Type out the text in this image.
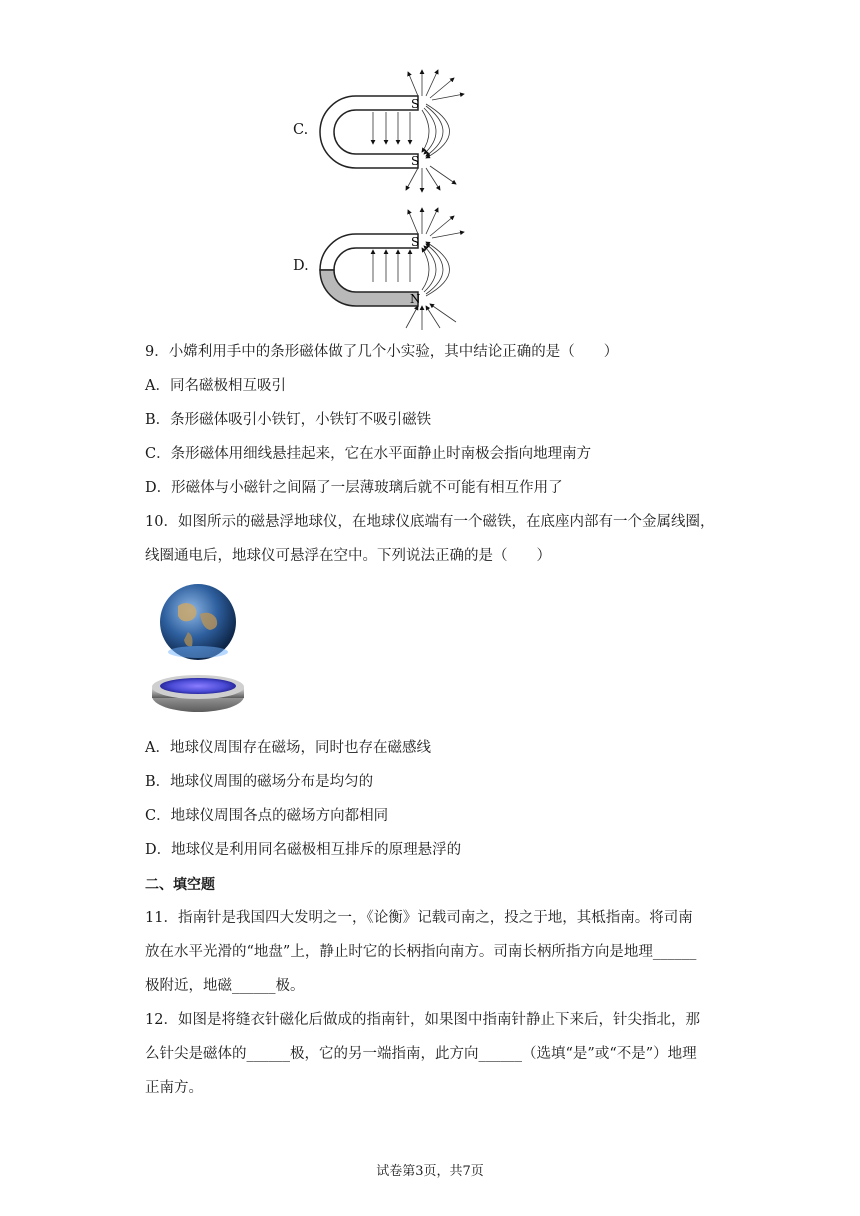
C.
S
S
D.
S
N
9．小嫦利用手中的条形磁体做了几个小实验，其中结论正确的是（　　）
A．同名磁极相互吸引
B．条形磁体吸引小铁钉，小铁钉不吸引磁铁
C．条形磁体用细线悬挂起来，它在水平面静止时南极会指向地理南方
D．形磁体与小磁针之间隔了一层薄玻璃后就不可能有相互作用了
10．如图所示的磁悬浮地球仪，在地球仪底端有一个磁铁，在底座内部有一个金属线圈，
线圈通电后，地球仪可悬浮在空中。下列说法正确的是（　　）
A．地球仪周围存在磁场，同时也存在磁感线
B．地球仪周围的磁场分布是均匀的
C．地球仪周围各点的磁场方向都相同
D．地球仪是利用同名磁极相互排斥的原理悬浮的
二、填空题
11．指南针是我国四大发明之一，《论衡》记载司南之，投之于地，其柢指南。将司南
放在水平光滑的“地盘”上，静止时它的长柄指向南方。司南长柄所指方向是地理______
极附近，地磁______极。
12．如图是将缝衣针磁化后做成的指南针，如果图中指南针静止下来后，针尖指北，那
么针尖是磁体的______极，它的另一端指南，此方向______（选填“是”或“不是”）地理
正南方。
试卷第3页，共7页
